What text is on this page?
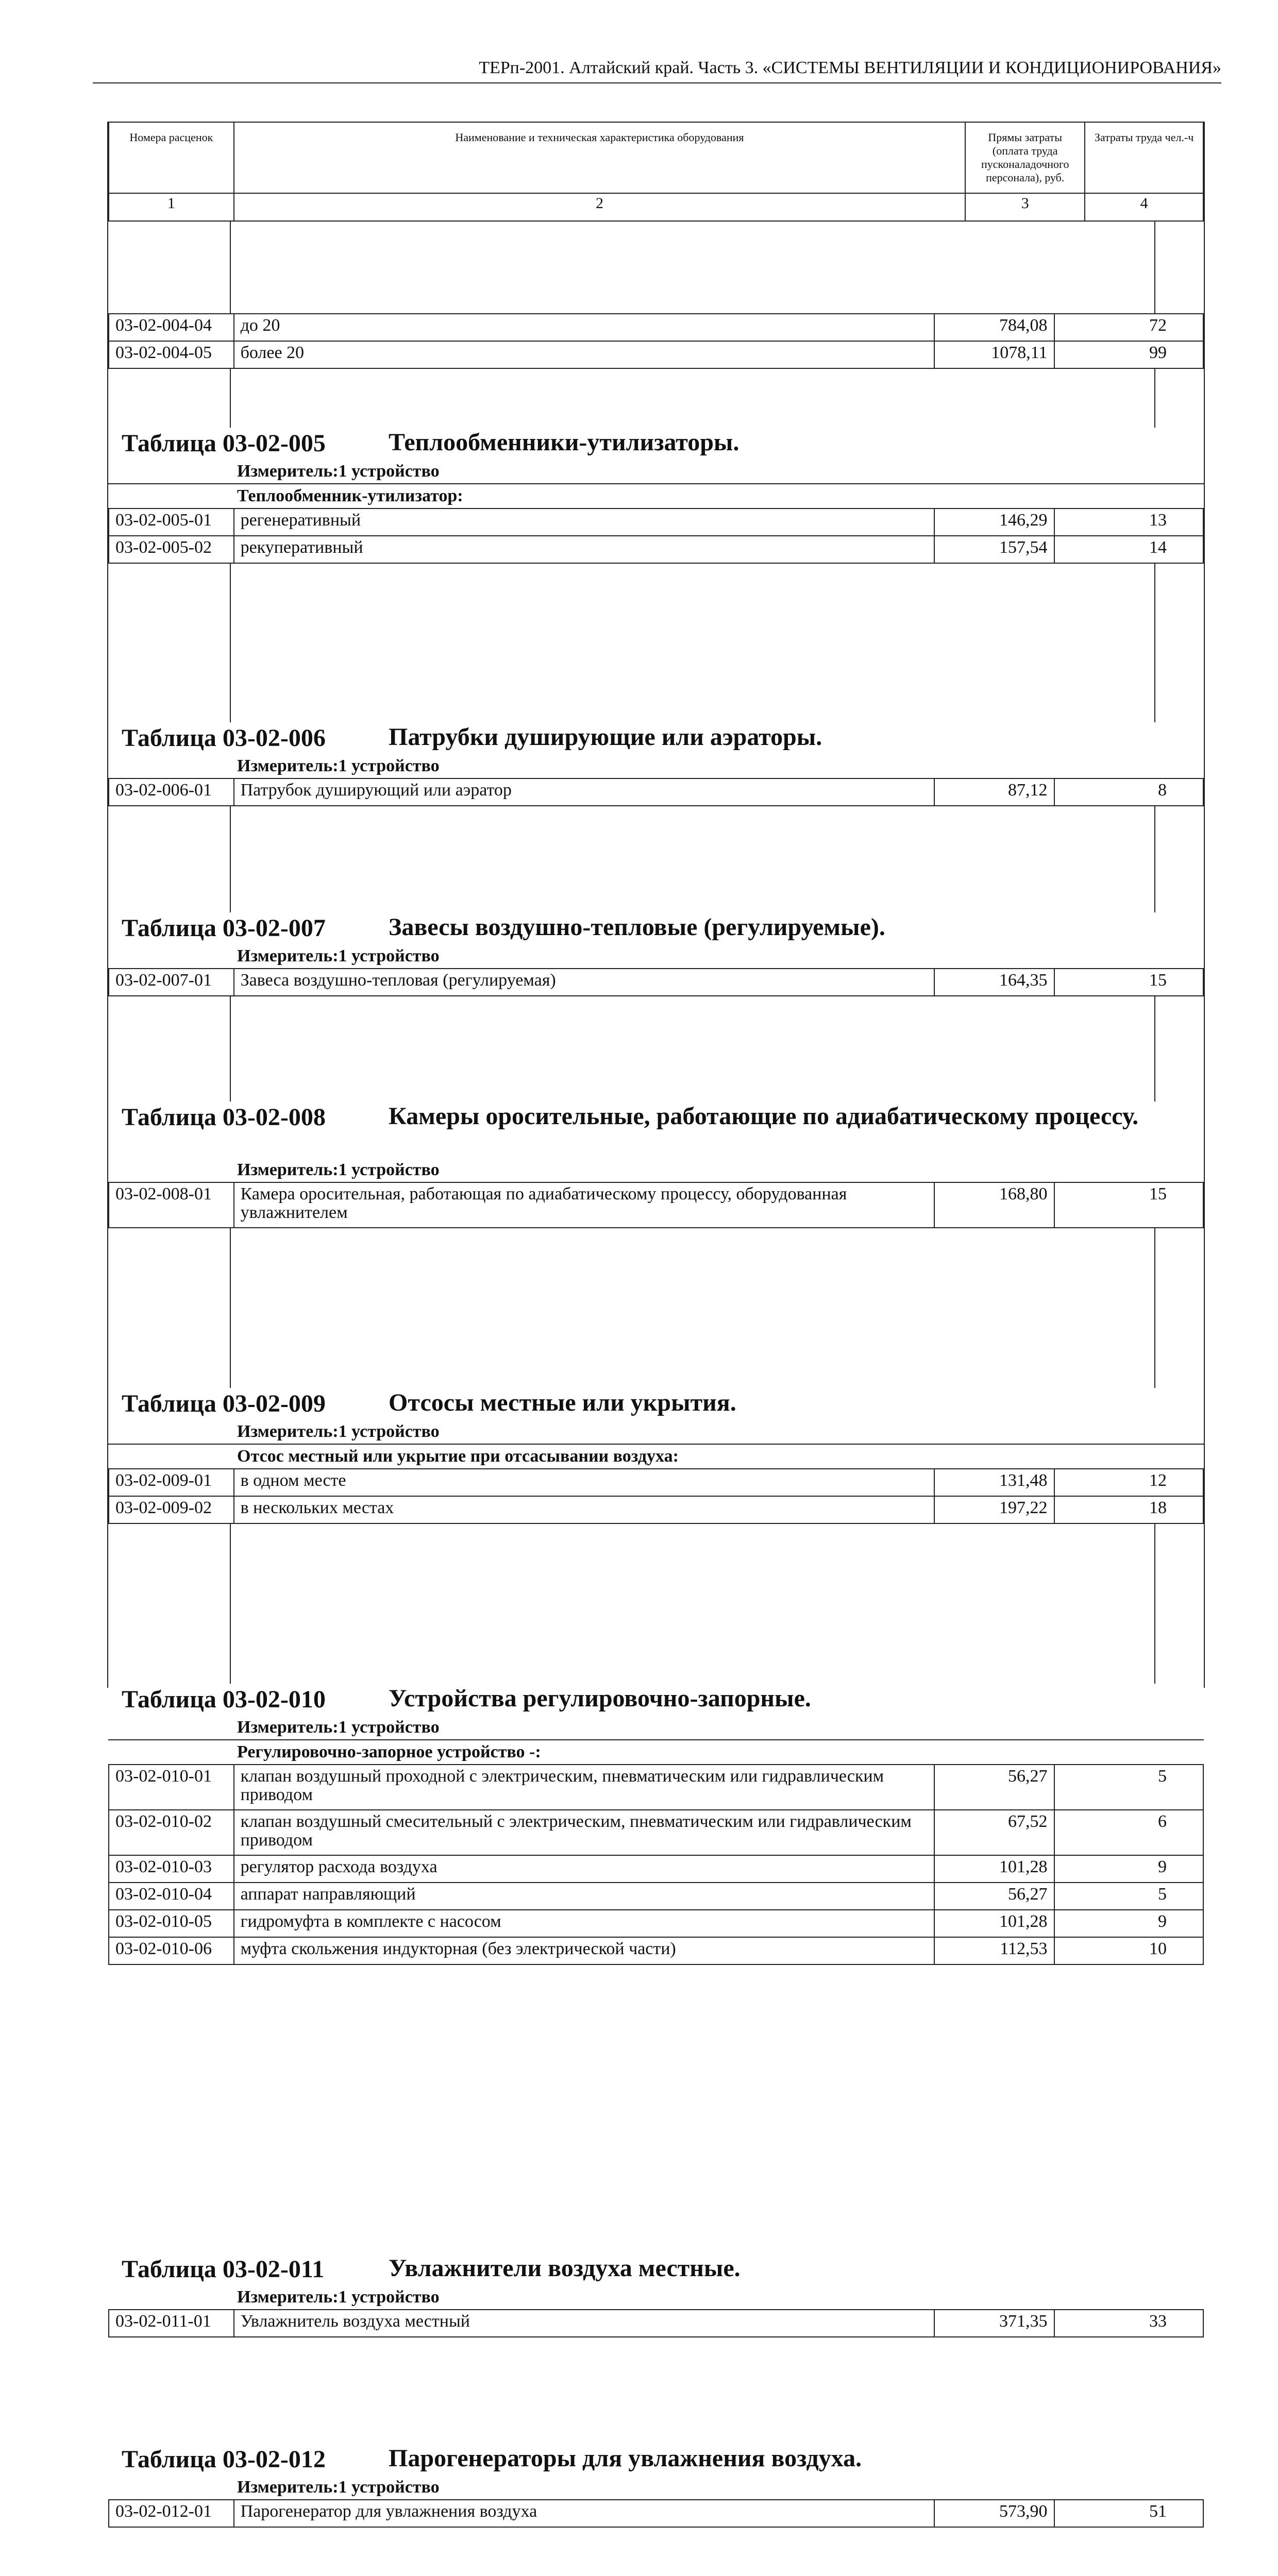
ТЕРп-2001. Алтайский край. Часть 3. «СИСТЕМЫ ВЕНТИЛЯЦИИ И КОНДИЦИОНИРОВАНИЯ»
Номера расценок	Наименование и техническая характеристика оборудования	Прямы затраты (оплата труда пусконаладочного персонала), руб.	Затраты труда чел.-ч
1	2	3	4
03-02-004-04	до 20	784,08	72
03-02-004-05	более 20	1078,11	99
Таблица 03-02-005	Теплообменники-утилизаторы.
Измеритель:1 устройство
Теплообменник-утилизатор:
03-02-005-01	регенеративный	146,29	13
03-02-005-02	рекуперативный	157,54	14
Таблица 03-02-006	Патрубки душирующие или аэраторы.
Измеритель:1 устройство
03-02-006-01	Патрубок душирующий или аэратор	87,12	8
Таблица 03-02-007	Завесы воздушно-тепловые (регулируемые).
Измеритель:1 устройство
03-02-007-01	Завеса воздушно-тепловая (регулируемая)	164,35	15
Таблица 03-02-008	Камеры оросительные, работающие по адиабатическому процессу.
Измеритель:1 устройство
03-02-008-01	Камера оросительная, работающая по адиабатическому процессу, оборудованная увлажнителем	168,80	15
Таблица 03-02-009	Отсосы местные или укрытия.
Измеритель:1 устройство
Отсос местный или укрытие при отсасывании воздуха:
03-02-009-01	в одном месте	131,48	12
03-02-009-02	в нескольких местах	197,22	18
Таблица 03-02-010	Устройства регулировочно-запорные.
Измеритель:1 устройство
Регулировочно-запорное устройство -:
03-02-010-01	клапан воздушный проходной с электрическим, пневматическим или гидравлическим приводом	56,27	5
03-02-010-02	клапан воздушный смесительный с электрическим, пневматическим или гидравлическим приводом	67,52	6
03-02-010-03	регулятор расхода воздуха	101,28	9
03-02-010-04	аппарат направляющий	56,27	5
03-02-010-05	гидромуфта в комплекте с насосом	101,28	9
03-02-010-06	муфта скольжения индукторная (без электрической части)	112,53	10
Таблица 03-02-011	Увлажнители воздуха местные.
Измеритель:1 устройство
03-02-011-01	Увлажнитель воздуха местный	371,35	33
Таблица 03-02-012	Парогенераторы для увлажнения воздуха.
Измеритель:1 устройство
03-02-012-01	Парогенератор для увлажнения воздуха	573,90	51
